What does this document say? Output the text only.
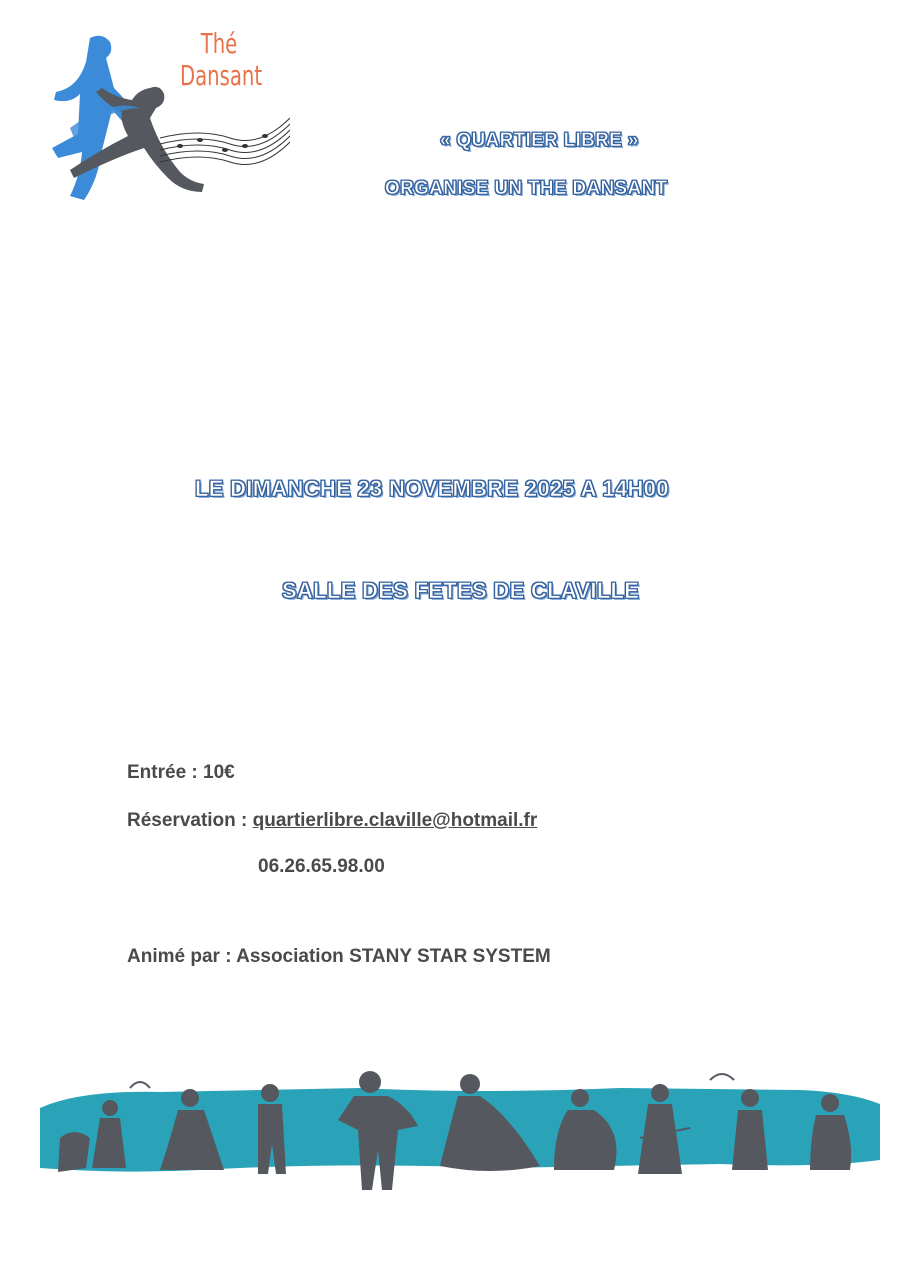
Thé
Dansant
« QUARTIER LIBRE »
ORGANISE UN THE DANSANT
LE DIMANCHE 23 NOVEMBRE 2025 A 14H00
SALLE DES FETES DE CLAVILLE
Entrée : 10€
Réservation : quartierlibre.claville@hotmail.fr
06.26.65.98.00
Animé par : Association STANY STAR SYSTEM
